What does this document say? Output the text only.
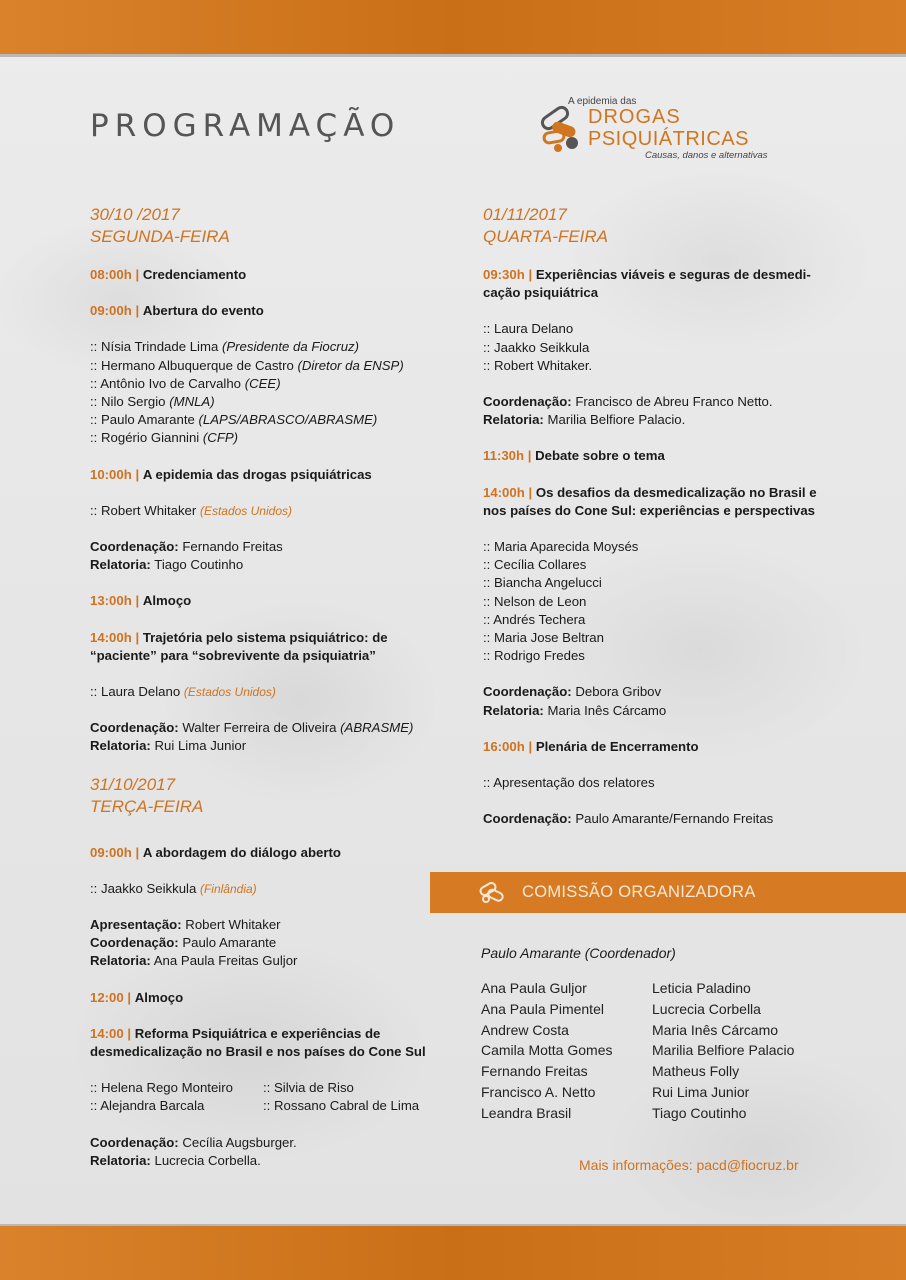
PROGRAMAÇÃO
A epidemia das
DROGAS
PSIQUIÁTRICAS
Causas, danos e alternativas
30/10 /2017
SEGUNDA-FEIRA
08:00h | Credenciamento
09:00h | Abertura do evento
:: Nísia Trindade Lima (Presidente da Fiocruz)
:: Hermano Albuquerque de Castro (Diretor da ENSP)
:: Antônio Ivo de Carvalho (CEE)
:: Nilo Sergio (MNLA)
:: Paulo Amarante (LAPS/ABRASCO/ABRASME)
:: Rogério Giannini (CFP)
10:00h | A epidemia das drogas psiquiátricas
:: Robert Whitaker (Estados Unidos)
Coordenação: Fernando Freitas
Relatoria: Tiago Coutinho
13:00h | Almoço
14:00h | Trajetória pelo sistema psiquiátrico: de
“paciente” para “sobrevivente da psiquiatria”
:: Laura Delano (Estados Unidos)
Coordenação: Walter Ferreira de Oliveira (ABRASME)
Relatoria: Rui Lima Junior
31/10/2017
TERÇA-FEIRA
09:00h | A abordagem do diálogo aberto
:: Jaakko Seikkula (Finlândia)
Apresentação: Robert Whitaker
Coordenação: Paulo Amarante
Relatoria: Ana Paula Freitas Guljor
12:00 | Almoço
14:00 | Reforma Psiquiátrica e experiências de
desmedicalização no Brasil e nos países do Cone Sul
:: Helena Rego Monteiro
:: Alejandra Barcala
:: Silvia de Riso
:: Rossano Cabral de Lima
Coordenação: Cecília Augsburger.
Relatoria: Lucrecia Corbella.
01/11/2017
QUARTA-FEIRA
09:30h | Experiências viáveis e seguras de desmedi-
cação psiquiátrica
:: Laura Delano
:: Jaakko Seikkula
:: Robert Whitaker.
Coordenação: Francisco de Abreu Franco Netto.
Relatoria: Marilia Belfiore Palacio.
11:30h | Debate sobre o tema
14:00h | Os desafios da desmedicalização no Brasil e
nos países do Cone Sul: experiências e perspectivas
:: Maria Aparecida Moysés
:: Cecília Collares
:: Biancha Angelucci
:: Nelson de Leon
:: Andrés Techera
:: Maria Jose Beltran
:: Rodrigo Fredes
Coordenação: Debora Gribov
Relatoria: Maria Inês Cárcamo
16:00h | Plenária de Encerramento
:: Apresentação dos relatores
Coordenação: Paulo Amarante/Fernando Freitas
COMISSÃO ORGANIZADORA
Paulo Amarante (Coordenador)
Ana Paula Guljor
Ana Paula Pimentel
Andrew Costa
Camila Motta Gomes
Fernando Freitas
Francisco A. Netto
Leandra Brasil
Leticia Paladino
Lucrecia Corbella
Maria Inês Cárcamo
Marilia Belfiore Palacio
Matheus Folly
Rui Lima Junior
Tiago Coutinho
Mais informações: pacd@fiocruz.br
